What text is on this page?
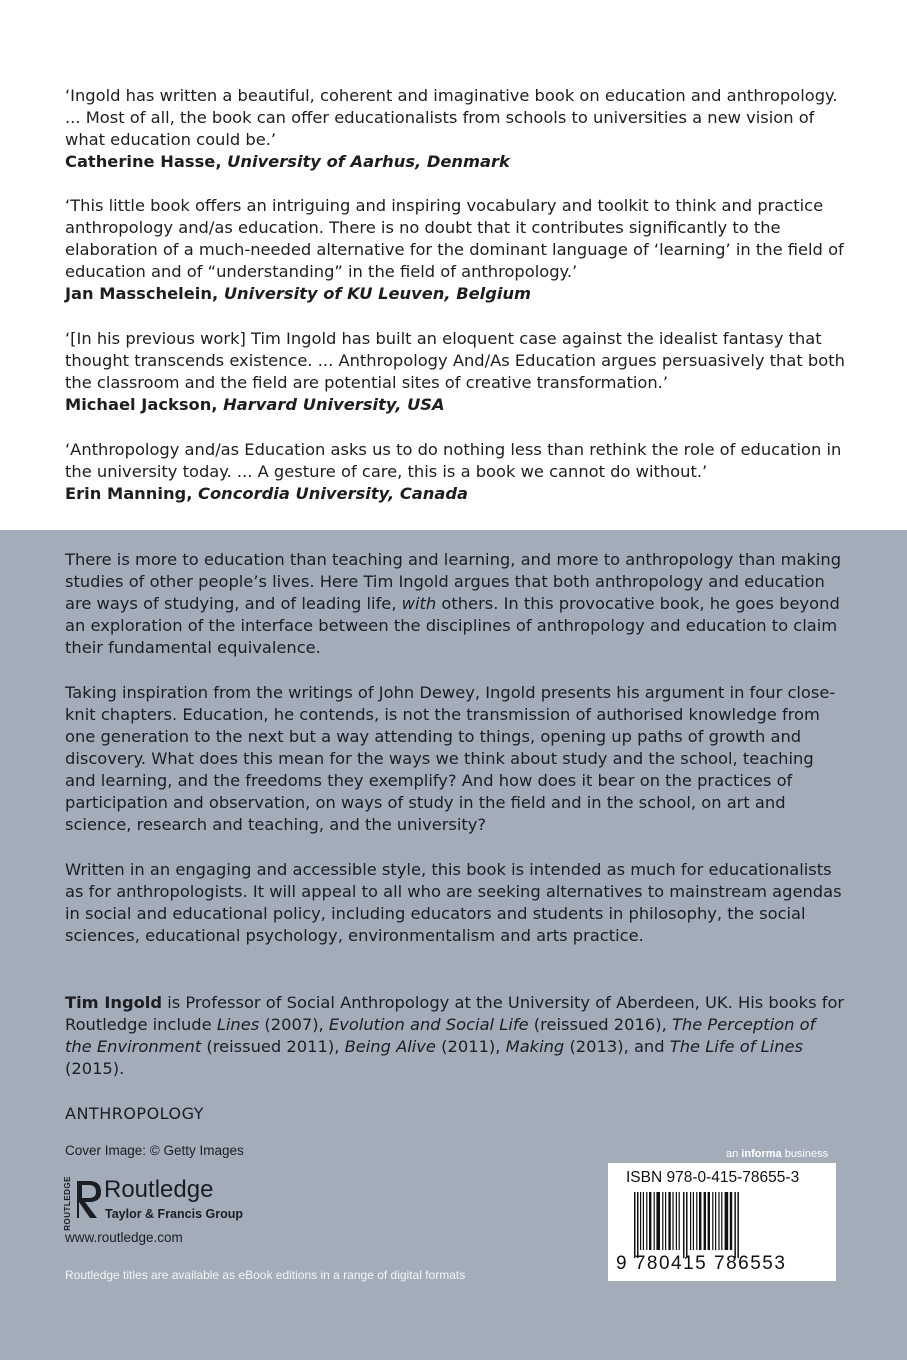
‘Ingold has written a beautiful, coherent and imaginative book on education and anthropology. ... Most of all, the book can offer educationalists from schools to universities a new vision of what education could be.’

Catherine Hasse, University of Aarhus, Denmark

‘This little book offers an intriguing and inspiring vocabulary and toolkit to think and practice anthropology and/as education. There is no doubt that it contributes significantly to the elaboration of a much-needed alternative for the dominant language of ‘learning’ in the field of education and of “understanding” in the field of anthropology.’

Jan Masschelein, University of KU Leuven, Belgium

‘[In his previous work] Tim Ingold has built an eloquent case against the idealist fantasy that thought transcends existence. ... Anthropology And/As Education argues persuasively that both the classroom and the field are potential sites of creative transformation.’

Michael Jackson, Harvard University, USA

‘Anthropology and/as Education asks us to do nothing less than rethink the role of education in the university today. ... A gesture of care, this is a book we cannot do without.’

Erin Manning, Concordia University, Canada

There is more to education than teaching and learning, and more to anthropology than making studies of other people’s lives. Here Tim Ingold argues that both anthropology and education are ways of studying, and of leading life, with others. In this provocative book, he goes beyond an exploration of the interface between the disciplines of anthropology and education to claim their fundamental equivalence.

Taking inspiration from the writings of John Dewey, Ingold presents his argument in four close-knit chapters. Education, he contends, is not the transmission of authorised knowledge from one generation to the next but a way attending to things, opening up paths of growth and discovery. What does this mean for the ways we think about study and the school, teaching and learning, and the freedoms they exemplify? And how does it bear on the practices of participation and observation, on ways of study in the field and in the school, on art and science, research and teaching, and the university?

Written in an engaging and accessible style, this book is intended as much for educationalists as for anthropologists. It will appeal to all who are seeking alternatives to mainstream agendas in social and educational policy, including educators and students in philosophy, the social sciences, educational psychology, environmentalism and arts practice.

Tim Ingold is Professor of Social Anthropology at the University of Aberdeen, UK. His books for Routledge include Lines (2007), Evolution and Social Life (reissued 2016), The Perception of the Environment (reissued 2011), Being Alive (2011), Making (2013), and The Life of Lines (2015).

ANTHROPOLOGY
Cover Image: © Getty Images
ROUTLEDGE Routledge
Taylor & Francis Group
www.routledge.com
Routledge titles are available as eBook editions in a range of digital formats
an informa business
ISBN 978-0-415-78655-3
9 780415 786553
